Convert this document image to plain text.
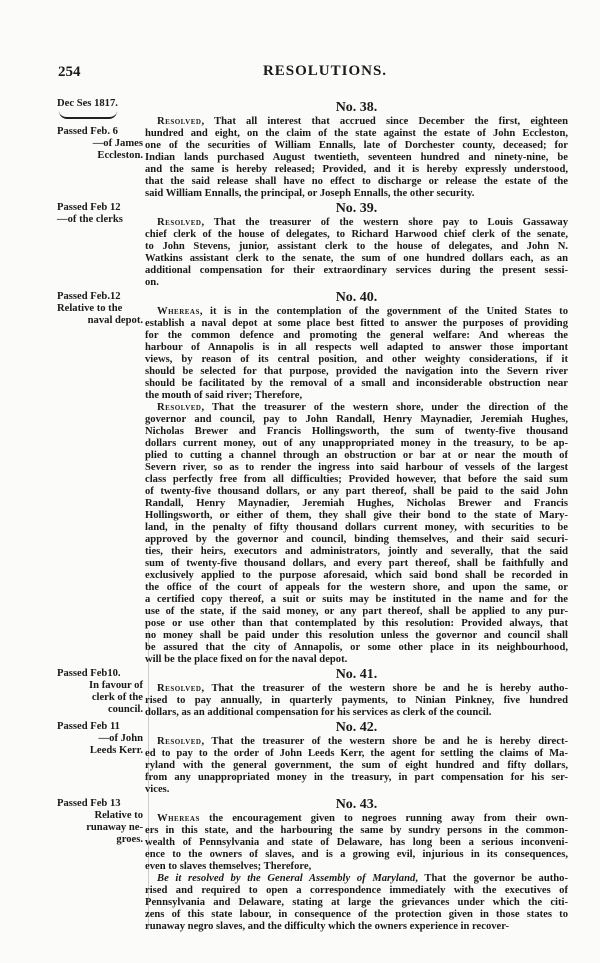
254	RESOLUTIONS.
Dec Ses 1817.	No. 38.
Passed Feb. 6
—of James
Eccleston.
Resolved, That all interest that accrued since December the first, eighteen
hundred and eight, on the claim of the state against the estate of John Eccleston,
one of the securities of William Ennalls, late of Dorchester county, deceased; for
Indian lands purchased August twentieth, seventeen hundred and ninety-nine, be
and the same is hereby released; Provided, and it is hereby expressly understood,
that the said release shall have no effect to discharge or release the estate of the
said William Ennalls, the principal, or Joseph Ennalls, the other security.
No. 39.
Passed Feb 12
—of the clerks	Resolved, That the treasurer of the western shore pay to Louis Gassaway
chief clerk of the house of delegates, to Richard Harwood chief clerk of the senate,
to John Stevens, junior, assistant clerk to the house of delegates, and John N.
Watkins assistant clerk to the senate, the sum of one hundred dollars each, as an
additional compensation for their extraordinary services during the present sessi-
on.
No. 40.
Passed Feb.12
Relative to the
naval depot.
Whereas, it is in the contemplation of the government of the United States to
establish a naval depot at some place best fitted to answer the purposes of providing
for the common defence and promoting the general welfare: And whereas the
harbour of Annapolis is in all respects well adapted to answer those important
views, by reason of its central position, and other weighty considerations, if it
should be selected for that purpose, provided the navigation into the Severn river
should be facilitated by the removal of a small and inconsiderable obstruction near
the mouth of said river; Therefore,
Resolved, That the treasurer of the western shore, under the direction of the
governor and council, pay to John Randall, Henry Maynadier, Jeremiah Hughes,
Nicholas Brewer and Francis Hollingsworth, the sum of twenty-five thousand
dollars current money, out of any unappropriated money in the treasury, to be ap-
plied to cutting a channel through an obstruction or bar at or near the mouth of
Severn river, so as to render the ingress into said harbour of vessels of the largest
class perfectly free from all difficulties; Provided however, that before the said sum
of twenty-five thousand dollars, or any part thereof, shall be paid to the said John
Randall, Henry Maynadier, Jeremiah Hughes, Nicholas Brewer and Francis
Hollingsworth, or either of them, they shall give their bond to the state of Mary-
land, in the penalty of fifty thousand dollars current money, with securities to be
approved by the governor and council, binding themselves, and their said securi-
ties, their heirs, executors and administrators, jointly and severally, that the said
sum of twenty-five thousand dollars, and every part thereof, shall be faithfully and
exclusively applied to the purpose aforesaid, which said bond shall be recorded in
the office of the court of appeals for the western shore, and upon the same, or
a certified copy thereof, a suit or suits may be instituted in the name and for the
use of the state, if the said money, or any part thereof, shall be applied to any pur-
pose or use other than that contemplated by this resolution: Provided always, that
no money shall be paid under this resolution unless the governor and council shall
be assured that the city of Annapolis, or some other place in its neighbourhood,
will be the place fixed on for the naval depot.
No. 41.
Passed Feb10.
In favour of
clerk of the
council.
Resolved, That the treasurer of the western shore be and he is hereby autho-
rised to pay annually, in quarterly payments, to Ninian Pinkney, five hundred
dollars, as an additional compensation for his services as clerk of the council.
No. 42.
Passed Feb 11
—of John
Leeds Kerr.
Resolved, That the treasurer of the western shore be and he is hereby direct-
ed to pay to the order of John Leeds Kerr, the agent for settling the claims of Ma-
ryland with the general government, the sum of eight hundred and fifty dollars,
from any unappropriated money in the treasury, in part compensation for his ser-
vices.
No. 43.
Passed Feb 13
Relative to
runaway ne-
groes.
Whereas the encouragement given to negroes running away from their own-
ers in this state, and the harbouring the same by sundry persons in the common-
wealth of Pennsylvania and state of Delaware, has long been a serious inconveni-
ence to the owners of slaves, and is a growing evil, injurious in its consequences,
even to slaves themselves; Therefore,
Be it resolved by the General Assembly of Maryland, That the governor be autho-
rised and required to open a correspondence immediately with the executives of
Pennsylvania and Delaware, stating at large the grievances under which the citi-
zens of this state labour, in consequence of the protection given in those states to
runaway negro slaves, and the difficulty which the owners experience in recover-
